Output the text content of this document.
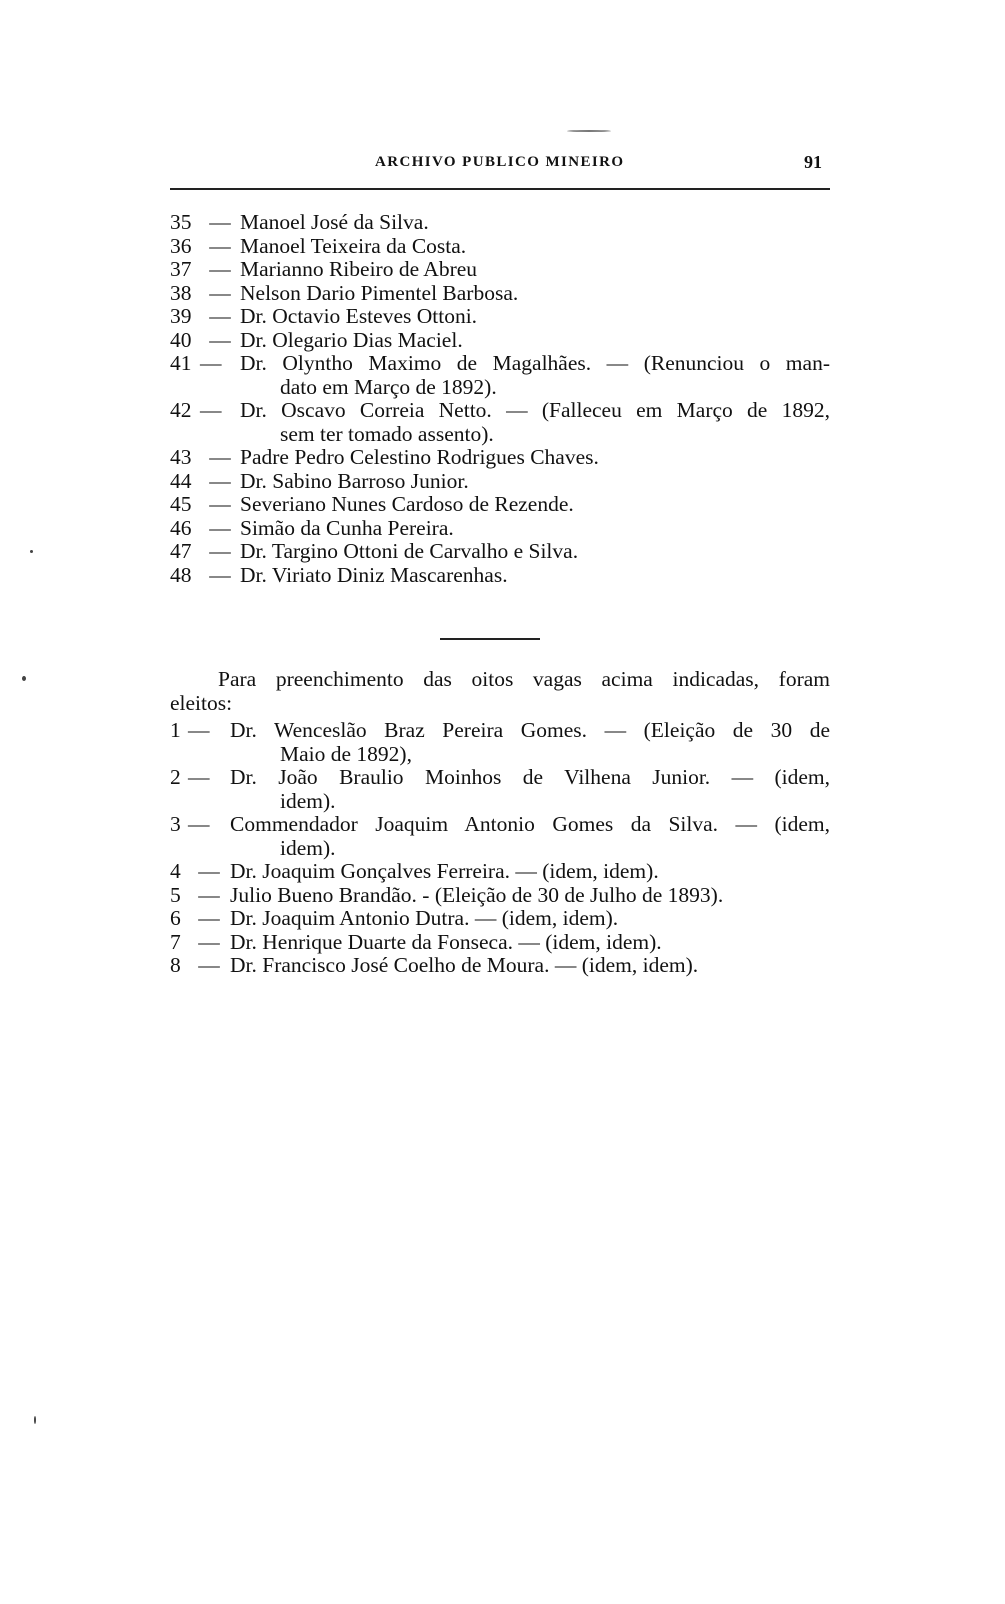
ARCHIVO PUBLICO MINEIRO	91
35 — Manoel José da Silva.
36 — Manoel Teixeira da Costa.
37 — Marianno Ribeiro de Abreu
38 — Nelson Dario Pimentel Barbosa.
39 — Dr. Octavio Esteves Ottoni.
40 — Dr. Olegario Dias Maciel.
41 — Dr. Olyntho Maximo de Magalhães. — (Renunciou o man-
dato em Março de 1892).
42 — Dr. Oscavo Correia Netto. — (Falleceu em Março de 1892,
sem ter tomado assento).
43 — Padre Pedro Celestino Rodrigues Chaves.
44 — Dr. Sabino Barroso Junior.
45 — Severiano Nunes Cardoso de Rezende.
46 — Simão da Cunha Pereira.
47 — Dr. Targino Ottoni de Carvalho e Silva.
48 — Dr. Viriato Diniz Mascarenhas.
Para preenchimento das oitos vagas acima indicadas, foram
eleitos:
1 — Dr. Wenceslão Braz Pereira Gomes. — (Eleição de 30 de
Maio de 1892),
2 — Dr. João Braulio Moinhos de Vilhena Junior. — (idem,
idem).
3 — Commendador Joaquim Antonio Gomes da Silva. — (idem,
idem).
4 — Dr. Joaquim Gonçalves Ferreira. — (idem, idem).
5 — Julio Bueno Brandão. - (Eleição de 30 de Julho de 1893).
6 — Dr. Joaquim Antonio Dutra. — (idem, idem).
7 — Dr. Henrique Duarte da Fonseca. — (idem, idem).
8 — Dr. Francisco José Coelho de Moura. — (idem, idem).
